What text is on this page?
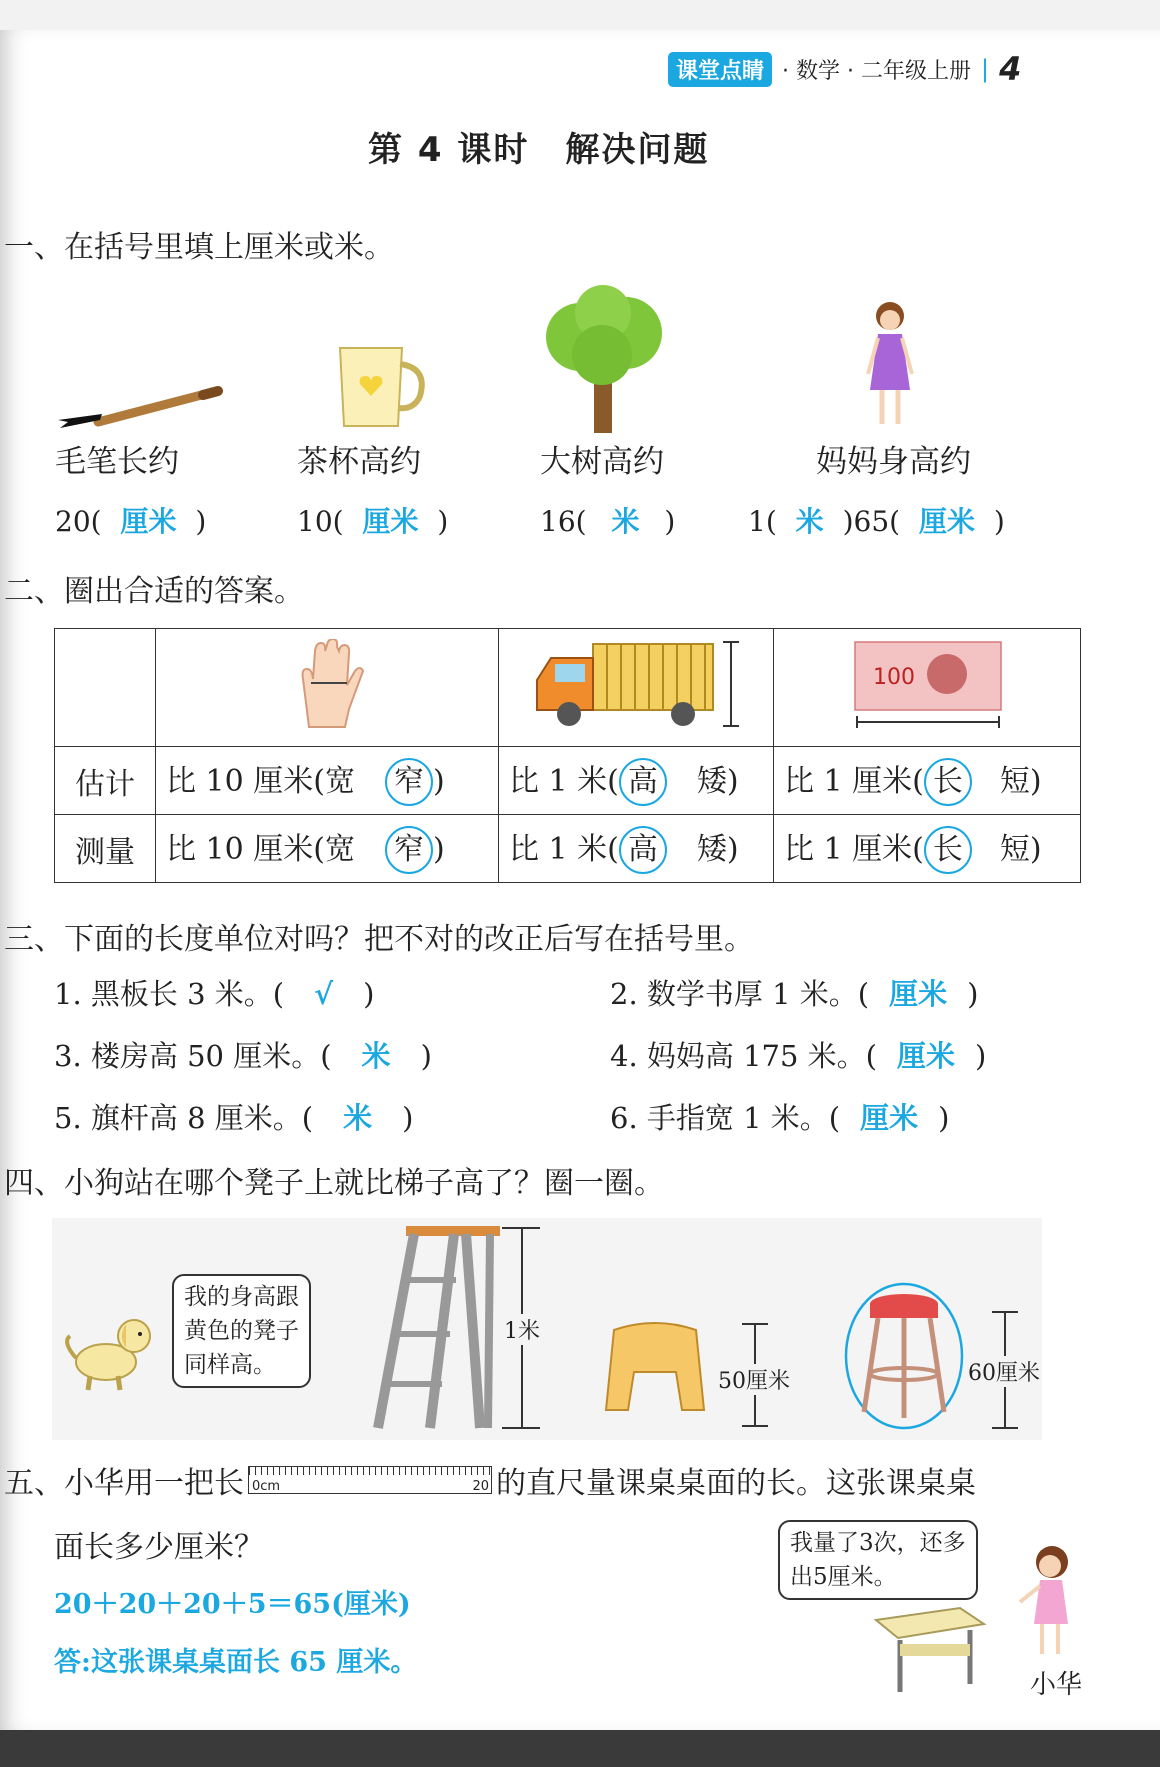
课堂点睛 · 数学 · 二年级上册 | 4
第 4 课时　解决问题
一、在括号里填上厘米或米。
毛笔长约	茶杯高约	大树高约	妈妈身高约
20( 厘米 )	10( 厘米 )	16( 米 )	1( 米 )65( 厘米 )
二、圈出合适的答案。

100

估计	比 10 厘米(宽 窄 )	比 1 米( 高 矮)	比 1 厘米( 长 短)
测量	比 10 厘米(宽 窄 )	比 1 米( 高 矮)	比 1 厘米( 长 短)
三、下面的长度单位对吗？把不对的改正后写在括号里。
1. 黑板长 3 米。( √ )	2. 数学书厚 1 米。( 厘米 )
3. 楼房高 50 厘米。( 米 )	4. 妈妈高 175 米。( 厘米 )
5. 旗杆高 8 厘米。( 米 )	6. 手指宽 1 米。( 厘米 )
四、小狗站在哪个凳子上就比梯子高了？圈一圈。
我的身高跟
黄色的凳子
同样高。
1米
50厘米	60厘米
五、小华用一把长 0cm	20 的直尺量课桌桌面的长。这张课桌桌
面长多少厘米？
20＋20＋20＋5＝65(厘米)
答:这张课桌桌面长 65 厘米。
我量了3次，还多
出5厘米。
小华
